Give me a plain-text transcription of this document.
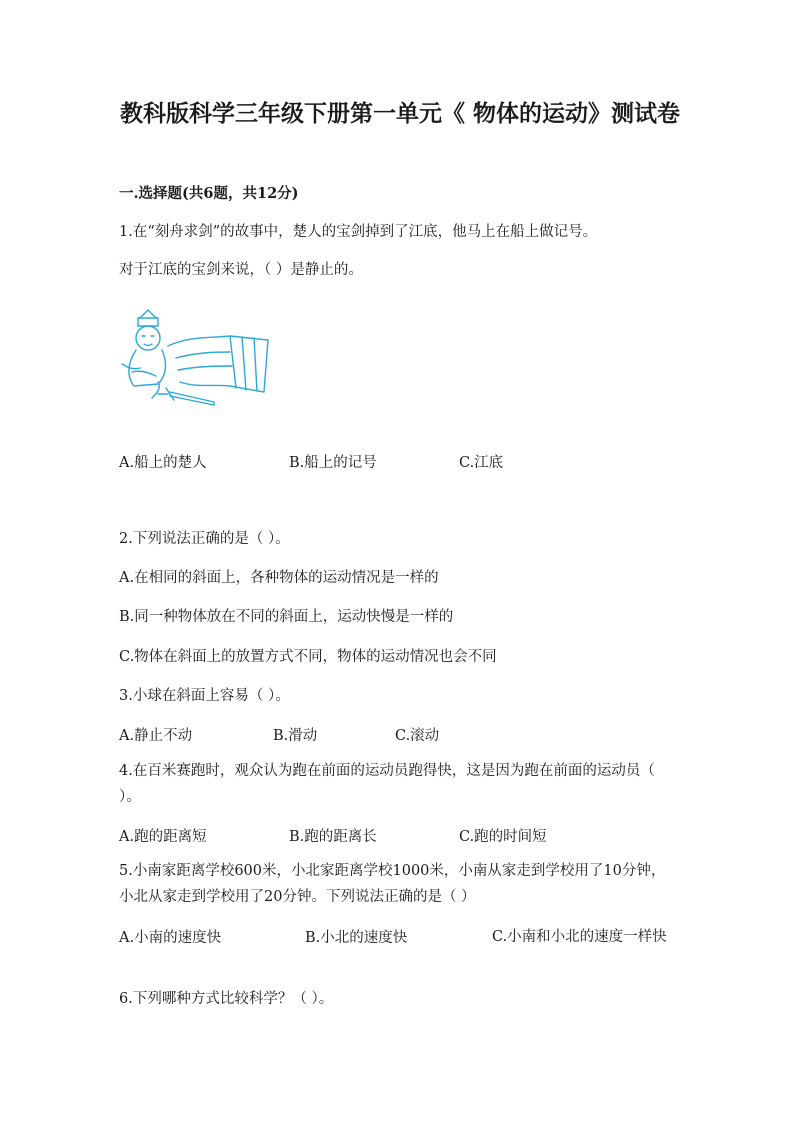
教科版科学三年级下册第一单元《 物体的运动》测试卷
一.选择题(共6题，共12分)
1.在“刻舟求剑”的故事中，楚人的宝剑掉到了江底，他马上在船上做记号。
对于江底的宝剑来说，（ ）是静止的。
A.船上的楚人	B.船上的记号	C.江底
2.下列说法正确的是（ ）。
A.在相同的斜面上，各种物体的运动情况是一样的
B.同一种物体放在不同的斜面上，运动快慢是一样的
C.物体在斜面上的放置方式不同，物体的运动情况也会不同
3.小球在斜面上容易（ ）。
A.静止不动	B.滑动	C.滚动
4.在百米赛跑时，观众认为跑在前面的运动员跑得快，这是因为跑在前面的运动员（ ）。
A.跑的距离短	B.跑的距离长	C.跑的时间短
5.小南家距离学校600米，小北家距离学校1000米，小南从家走到学校用了10分钟，小北从家走到学校用了20分钟。下列说法正确的是（ ）
A.小南的速度快	B.小北的速度快	C.小南和小北的速度一样快
6.下列哪种方式比较科学？（ ）。
